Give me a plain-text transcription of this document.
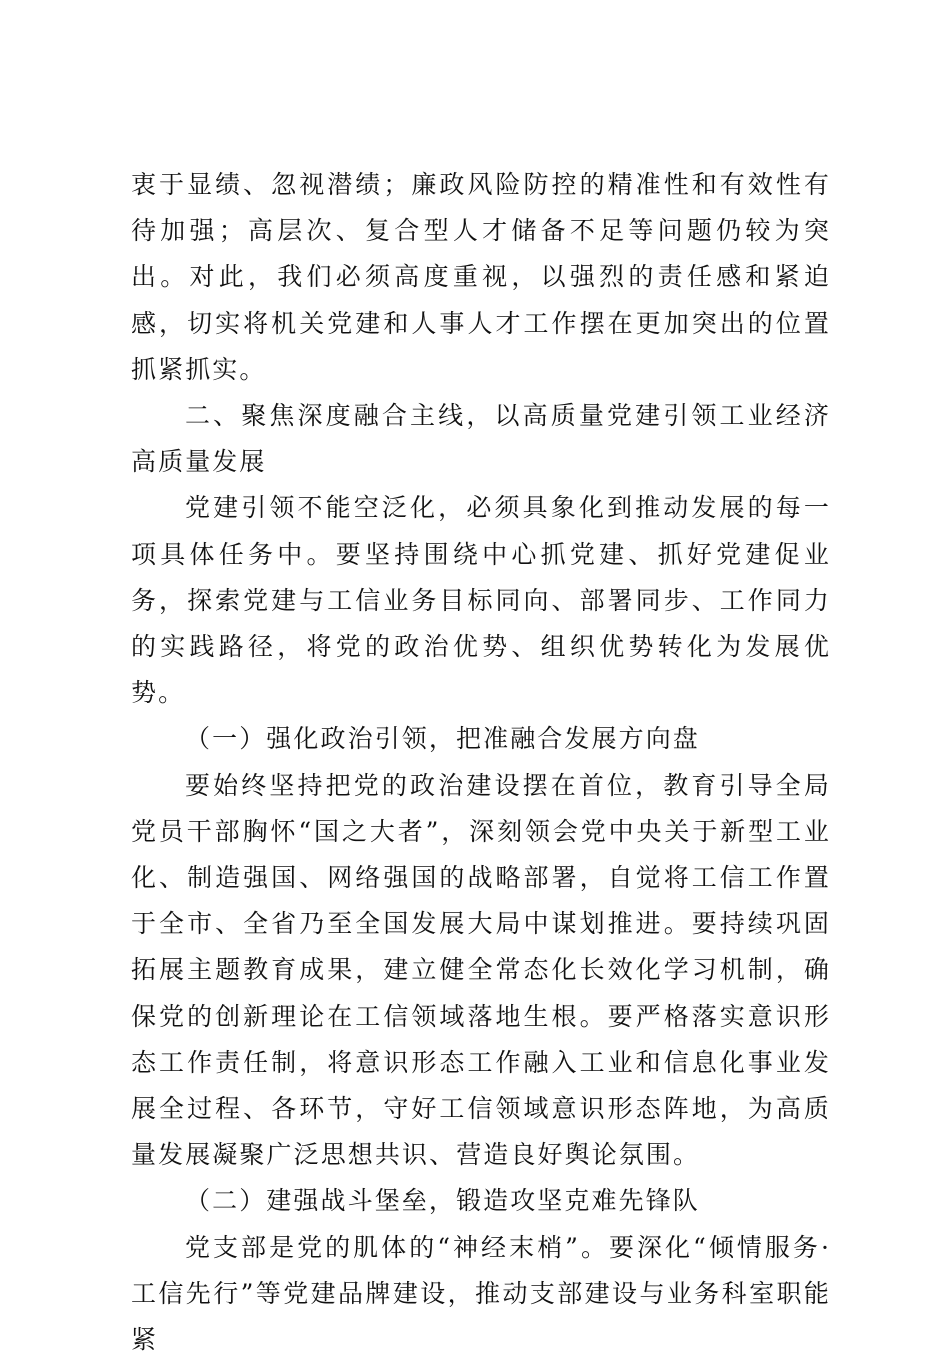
衷于显绩、忽视潜绩；廉政风险防控的精准性和有效性有待加强；高层次、复合型人才储备不足等问题仍较为突出。对此，我们必须高度重视，以强烈的责任感和紧迫感，切实将机关党建和人事人才工作摆在更加突出的位置抓紧抓实。

二、聚焦深度融合主线，以高质量党建引领工业经济高质量发展

党建引领不能空泛化，必须具象化到推动发展的每一项具体任务中。要坚持围绕中心抓党建、抓好党建促业务，探索党建与工信业务目标同向、部署同步、工作同力的实践路径，将党的政治优势、组织优势转化为发展优势。

（一）强化政治引领，把准融合发展方向盘

要始终坚持把党的政治建设摆在首位，教育引导全局党员干部胸怀“国之大者”，深刻领会党中央关于新型工业化、制造强国、网络强国的战略部署，自觉将工信工作置于全市、全省乃至全国发展大局中谋划推进。要持续巩固拓展主题教育成果，建立健全常态化长效化学习机制，确保党的创新理论在工信领域落地生根。要严格落实意识形态工作责任制，将意识形态工作融入工业和信息化事业发展全过程、各环节，守好工信领域意识形态阵地，为高质量发展凝聚广泛思想共识、营造良好舆论氛围。

（二）建强战斗堡垒，锻造攻坚克难先锋队

党支部是党的肌体的“神经末梢”。要深化“倾情服务·工信先行”等党建品牌建设，推动支部建设与业务科室职能紧
